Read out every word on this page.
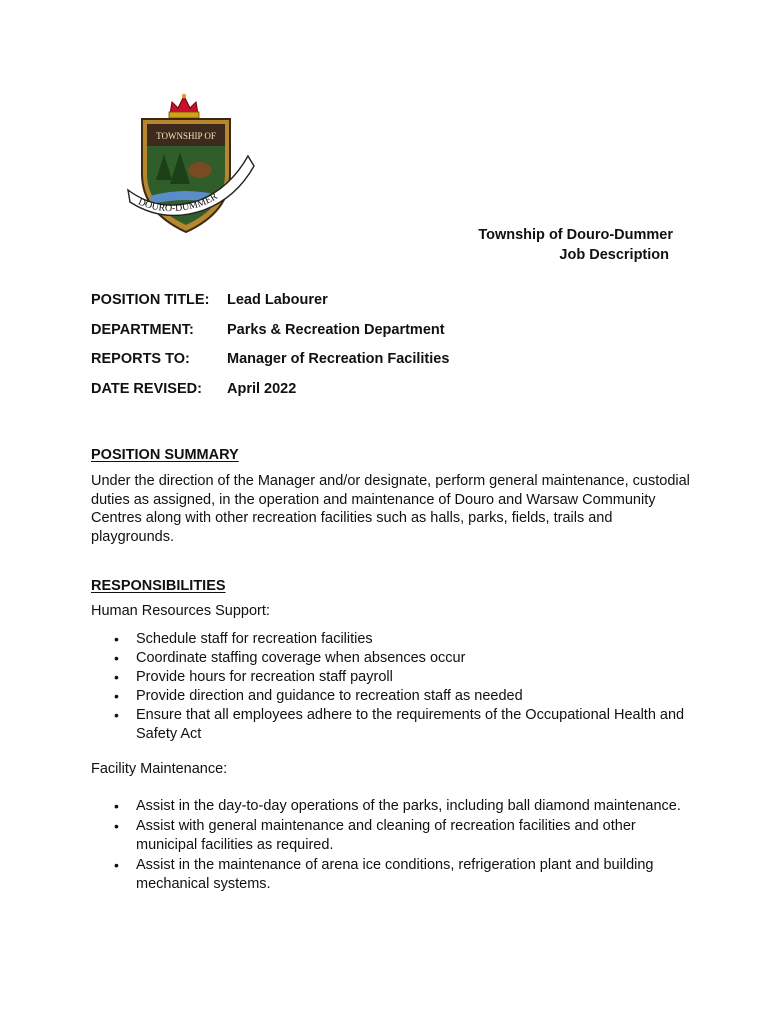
TOWNSHIP OF
DOURO-DUMMER
Township of Douro-Dummer
Job Description
POSITION TITLE:	Lead Labourer
DEPARTMENT:	Parks & Recreation Department
REPORTS TO:	Manager of Recreation Facilities
DATE REVISED:	April 2022
POSITION SUMMARY
Under the direction of the Manager and/or designate, perform general maintenance, custodial duties as assigned, in the operation and maintenance of Douro and Warsaw Community Centres along with other recreation facilities such as halls, parks, fields, trails and playgrounds.
RESPONSIBILITIES
Human Resources Support:
• Schedule staff for recreation facilities
• Coordinate staffing coverage when absences occur
• Provide hours for recreation staff payroll
• Provide direction and guidance to recreation staff as needed
• Ensure that all employees adhere to the requirements of the Occupational Health and Safety Act
Facility Maintenance:
• Assist in the day-to-day operations of the parks, including ball diamond maintenance.
• Assist with general maintenance and cleaning of recreation facilities and other municipal facilities as required.
• Assist in the maintenance of arena ice conditions, refrigeration plant and building mechanical systems.
